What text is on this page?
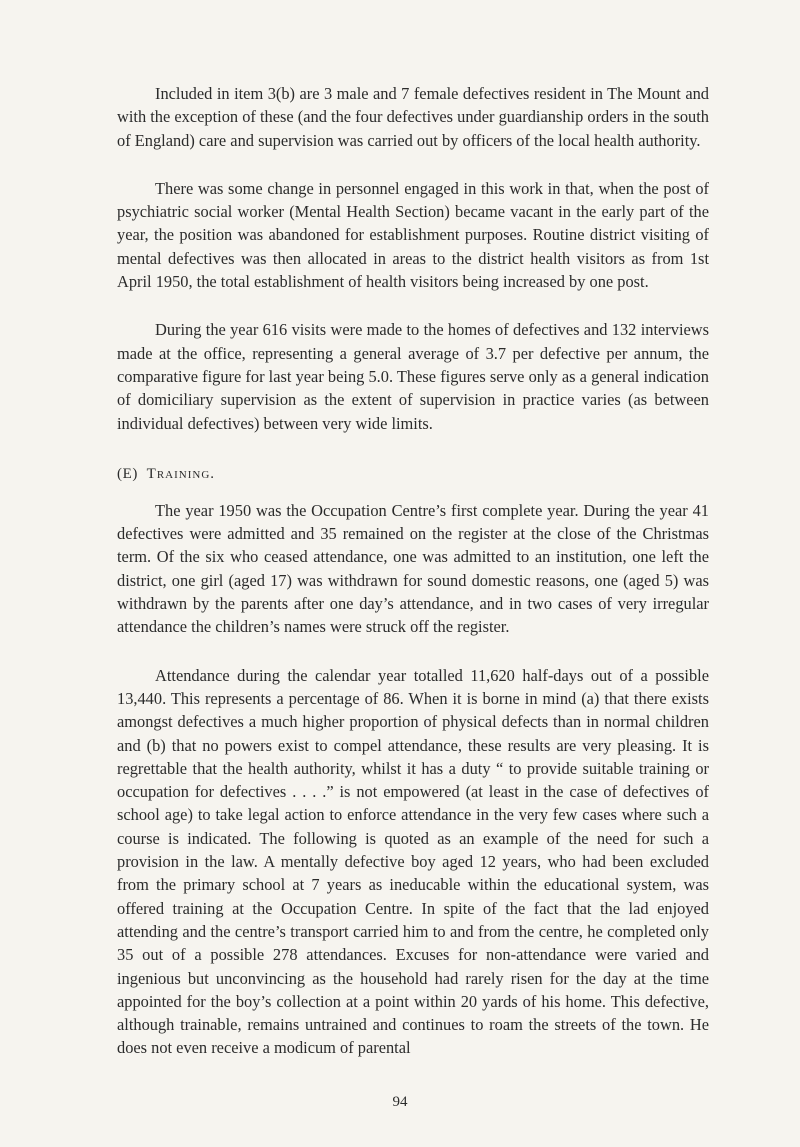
Included in item 3(b) are 3 male and 7 female defectives resident in The Mount and with the exception of these (and the four defectives under guardianship orders in the south of England) care and supervision was carried out by officers of the local health authority.

There was some change in personnel engaged in this work in that, when the post of psychiatric social worker (Mental Health Section) became vacant in the early part of the year, the position was abandoned for establishment purposes. Routine district visiting of mental defectives was then allocated in areas to the district health visitors as from 1st April 1950, the total establishment of health visitors being increased by one post.

During the year 616 visits were made to the homes of defectives and 132 interviews made at the office, representing a general average of 3.7 per defective per annum, the comparative figure for last year being 5.0. These figures serve only as a general indication of domiciliary supervision as the extent of supervision in practice varies (as between individual defectives) between very wide limits.

(E) Training.

The year 1950 was the Occupation Centre’s first complete year. During the year 41 defectives were admitted and 35 remained on the register at the close of the Christmas term. Of the six who ceased attendance, one was admitted to an institution, one left the district, one girl (aged 17) was withdrawn for sound domestic reasons, one (aged 5) was withdrawn by the parents after one day’s attendance, and in two cases of very irregular attendance the children’s names were struck off the register.

Attendance during the calendar year totalled 11,620 half-days out of a possible 13,440. This represents a percentage of 86. When it is borne in mind (a) that there exists amongst defectives a much higher proportion of physical defects than in normal children and (b) that no powers exist to compel attendance, these results are very pleasing. It is regrettable that the health authority, whilst it has a duty “ to provide suitable training or occupation for defectives . . . .” is not empowered (at least in the case of defectives of school age) to take legal action to enforce attendance in the very few cases where such a course is indicated. The following is quoted as an example of the need for such a provision in the law. A mentally defective boy aged 12 years, who had been excluded from the primary school at 7 years as ineducable within the educational system, was offered training at the Occupation Centre. In spite of the fact that the lad enjoyed attending and the centre’s transport carried him to and from the centre, he completed only 35 out of a possible 278 attendances. Excuses for non-attendance were varied and ingenious but unconvincing as the household had rarely risen for the day at the time appointed for the boy’s collection at a point within 20 yards of his home. This defective, although trainable, remains untrained and continues to roam the streets of the town. He does not even receive a modicum of parental

94
